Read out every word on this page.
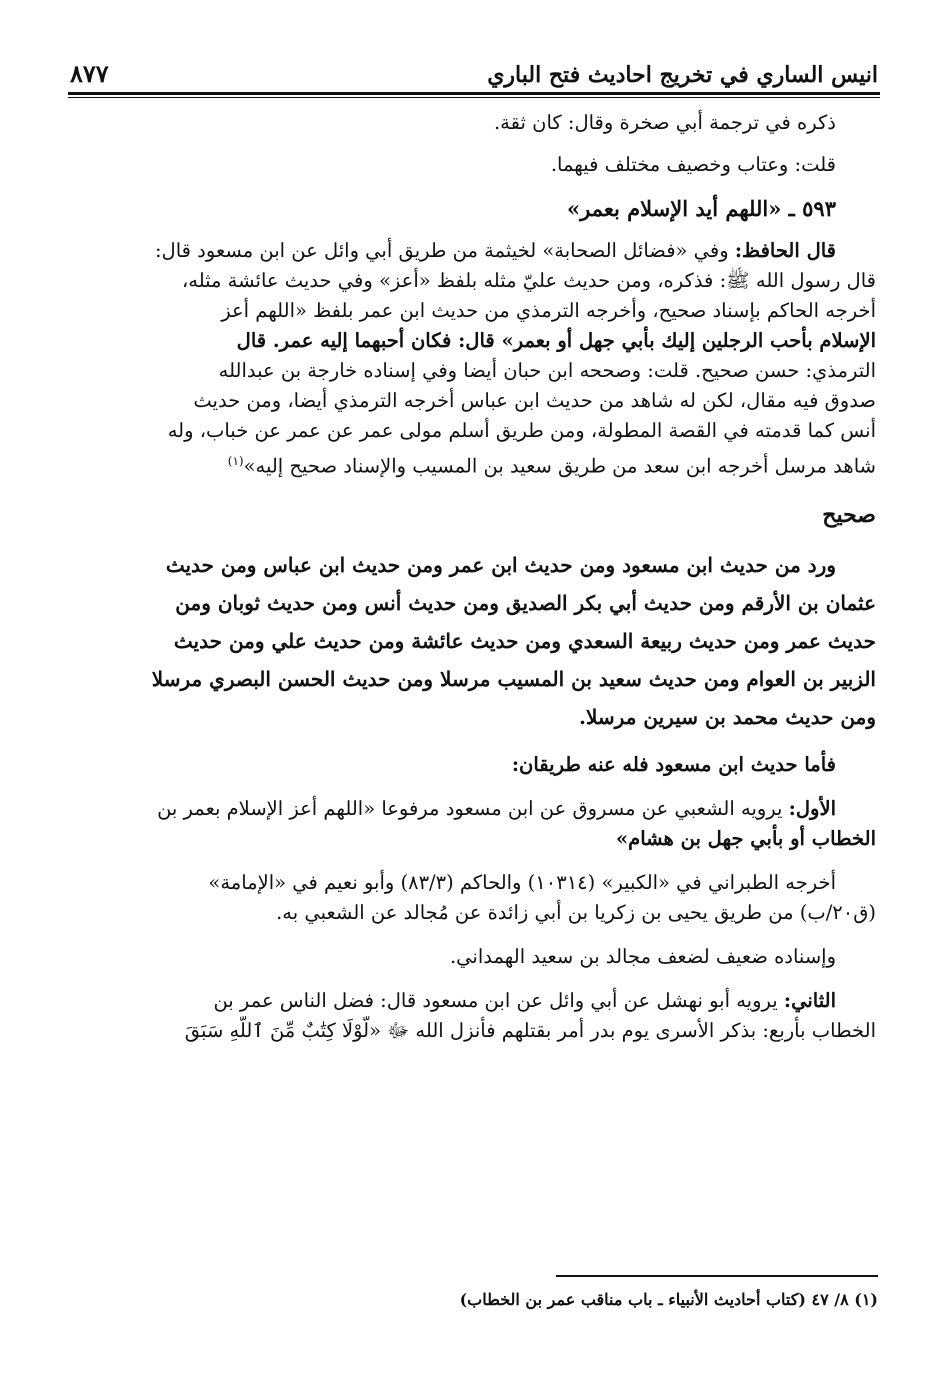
انيس الساري في تخريج احاديث فتح الباري
٨٧٧
ذكره في ترجمة أبي صخرة وقال: كان ثقة.
قلت: وعتاب وخصيف مختلف فيهما.
٥٩٣ ـ «اللهم أيد الإسلام بعمر»
قال الحافظ: وفي «فضائل الصحابة» لخيثمة من طريق أبي وائل عن ابن مسعود قال:
قال رسول الله ﷺ: فذكره، ومن حديث عليّ مثله بلفظ «أعز» وفي حديث عائشة مثله،
أخرجه الحاكم بإسناد صحيح، وأخرجه الترمذي من حديث ابن عمر بلفظ «اللهم أعز
الإسلام بأحب الرجلين إليك بأبي جهل أو بعمر» قال: فكان أحبهما إليه عمر. قال
الترمذي: حسن صحيح. قلت: وصححه ابن حبان أيضا وفي إسناده خارجة بن عبدالله
صدوق فيه مقال، لكن له شاهد من حديث ابن عباس أخرجه الترمذي أيضا، ومن حديث
أنس كما قدمته في القصة المطولة، ومن طريق أسلم مولى عمر عن عمر عن خباب، وله
شاهد مرسل أخرجه ابن سعد من طريق سعيد بن المسيب والإسناد صحيح إليه»$^{(١)}$
صحيح
ورد من حديث ابن مسعود ومن حديث ابن عمر ومن حديث ابن عباس ومن حديث
عثمان بن الأرقم ومن حديث أبي بكر الصديق ومن حديث أنس ومن حديث ثوبان ومن
حديث عمر ومن حديث ربيعة السعدي ومن حديث عائشة ومن حديث علي ومن حديث
الزبير بن العوام ومن حديث سعيد بن المسيب مرسلا ومن حديث الحسن البصري مرسلا
ومن حديث محمد بن سيرين مرسلا.
فأما حديث ابن مسعود فله عنه طريقان:
الأول: يرويه الشعبي عن مسروق عن ابن مسعود مرفوعا «اللهم أعز الإسلام بعمر بن
الخطاب أو بأبي جهل بن هشام»
أخرجه الطبراني في «الكبير» (١٠٣١٤) والحاكم (٨٣/٣) وأبو نعيم في «الإمامة»
(ق٢٠/ب) من طريق يحيى بن زكريا بن أبي زائدة عن مُجالد عن الشعبي به.
وإسناده ضعيف لضعف مجالد بن سعيد الهمداني.
الثاني: يرويه أبو نهشل عن أبي وائل عن ابن مسعود قال: فضل الناس عمر بن
الخطاب بأربع: بذكر الأسرى يوم بدر أمر بقتلهم فأنزل الله ﷻ «لَّوْلَا كِتَٰبٌ مِّنَ ٱللَّهِ سَبَقَ
(١) ٨/ ٤٧ (كتاب أحاديث الأنبياء ـ باب مناقب عمر بن الخطاب)
